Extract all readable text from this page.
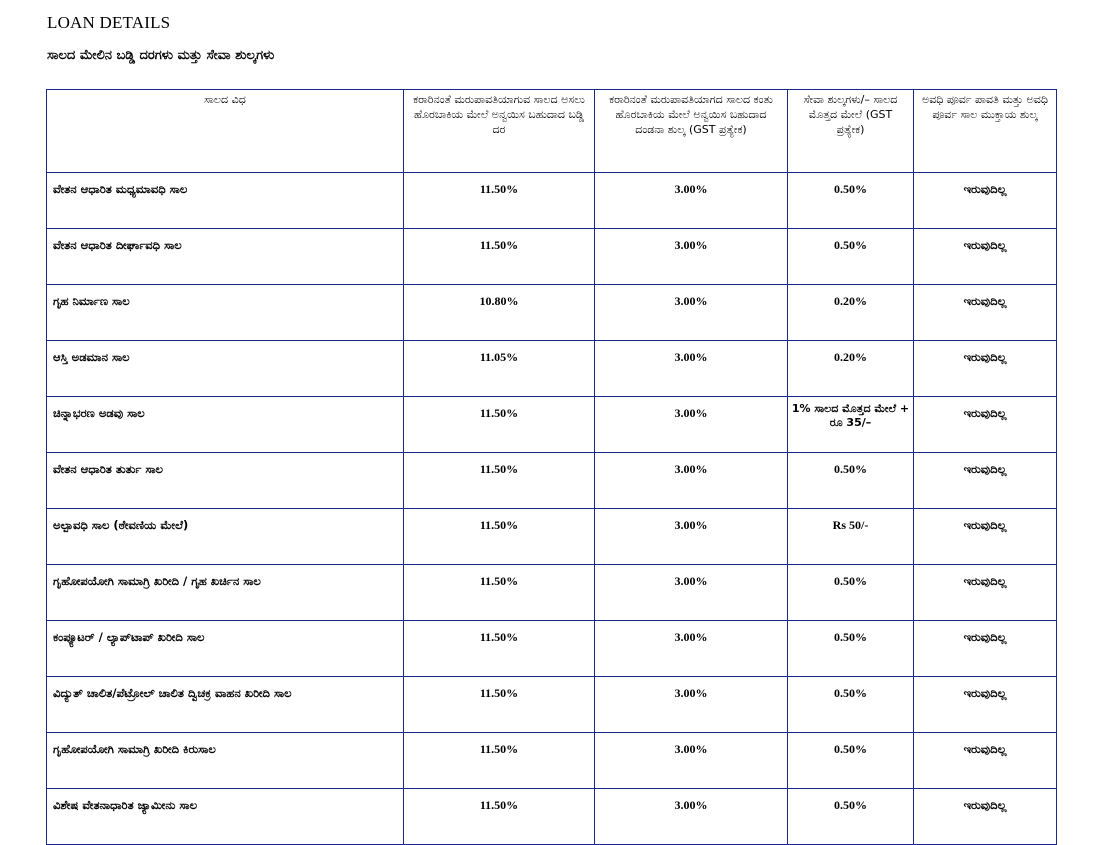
LOAN DETAILS
ಸಾಲದ ಮೇಲಿನ ಬಡ್ಡಿ ದರಗಳು ಮತ್ತು ಸೇವಾ ಶುಲ್ಕಗಳು
ಸಾಲದ ವಿಧ	ಕರಾರಿನಂತೆ ಮರುಪಾವತಿಯಾಗುವ ಸಾಲದ ಅಸಲು ಹೊರಬಾಕಿಯ ಮೇಲೆ ಅನ್ವಯಿಸ ಬಹುದಾದ ಬಡ್ಡಿ ದರ	ಕರಾರಿನಂತೆ ಮರುಪಾವತಿಯಾಗದ ಸಾಲದ ಕಂತು ಹೊರಬಾಕಿಯ ಮೇಲೆ ಅನ್ವಯಿಸ ಬಹುದಾದ ದಂಡನಾ ಶುಲ್ಕ (GST ಪ್ರತ್ಯೇಕ)	ಸೇವಾ ಶುಲ್ಕಗಳು/– ಸಾಲದ ಮೊತ್ತದ ಮೇಲೆ (GST ಪ್ರತ್ಯೇಕ)	ಅವಧಿ ಪೂರ್ವ ಪಾವತಿ ಮತ್ತು ಅವಧಿ ಪೂರ್ವ ಸಾಲ ಮುಕ್ತಾಯ ಶುಲ್ಕ
ವೇತನ ಆಧಾರಿತ ಮಧ್ಯಮಾವಧಿ ಸಾಲ	11.50%	3.00%	0.50%	ಇರುವುದಿಲ್ಲ
ವೇತನ ಆಧಾರಿತ ದೀರ್ಘಾವಧಿ ಸಾಲ	11.50%	3.00%	0.50%	ಇರುವುದಿಲ್ಲ
ಗೃಹ ನಿರ್ಮಾಣ ಸಾಲ	10.80%	3.00%	0.20%	ಇರುವುದಿಲ್ಲ
ಆಸ್ತಿ ಅಡಮಾನ ಸಾಲ	11.05%	3.00%	0.20%	ಇರುವುದಿಲ್ಲ
ಚಿನ್ನಾಭರಣ ಅಡವು ಸಾಲ	11.50%	3.00%	1% ಸಾಲದ ಮೊತ್ತದ ಮೇಲೆ + ರೂ 35/–	ಇರುವುದಿಲ್ಲ
ವೇತನ ಆಧಾರಿತ ತುರ್ತು ಸಾಲ	11.50%	3.00%	0.50%	ಇರುವುದಿಲ್ಲ
ಅಲ್ಪಾವಧಿ ಸಾಲ (ಠೇವಣಿಯ ಮೇಲೆ)	11.50%	3.00%	Rs 50/-	ಇರುವುದಿಲ್ಲ
ಗೃಹೋಪಯೋಗಿ ಸಾಮಾಗ್ರಿ ಖರೀದಿ / ಗೃಹ ಖರ್ಚಿನ ಸಾಲ	11.50%	3.00%	0.50%	ಇರುವುದಿಲ್ಲ
ಕಂಪ್ಯೂಟರ್ / ಲ್ಯಾಪ್‌ಟಾಪ್ ಖರೀದಿ ಸಾಲ	11.50%	3.00%	0.50%	ಇರುವುದಿಲ್ಲ
ವಿದ್ಯುತ್ ಚಾಲಿತ/ಪೆಟ್ರೋಲ್ ಚಾಲಿತ ದ್ವಿಚಕ್ರ ವಾಹನ ಖರೀದಿ ಸಾಲ	11.50%	3.00%	0.50%	ಇರುವುದಿಲ್ಲ
ಗೃಹೋಪಯೋಗಿ ಸಾಮಾಗ್ರಿ ಖರೀದಿ ಕಿರುಸಾಲ	11.50%	3.00%	0.50%	ಇರುವುದಿಲ್ಲ
ವಿಶೇಷ ವೇತನಾಧಾರಿತ ಜ್ಯಾಮೀನು ಸಾಲ	11.50%	3.00%	0.50%	ಇರುವುದಿಲ್ಲ
